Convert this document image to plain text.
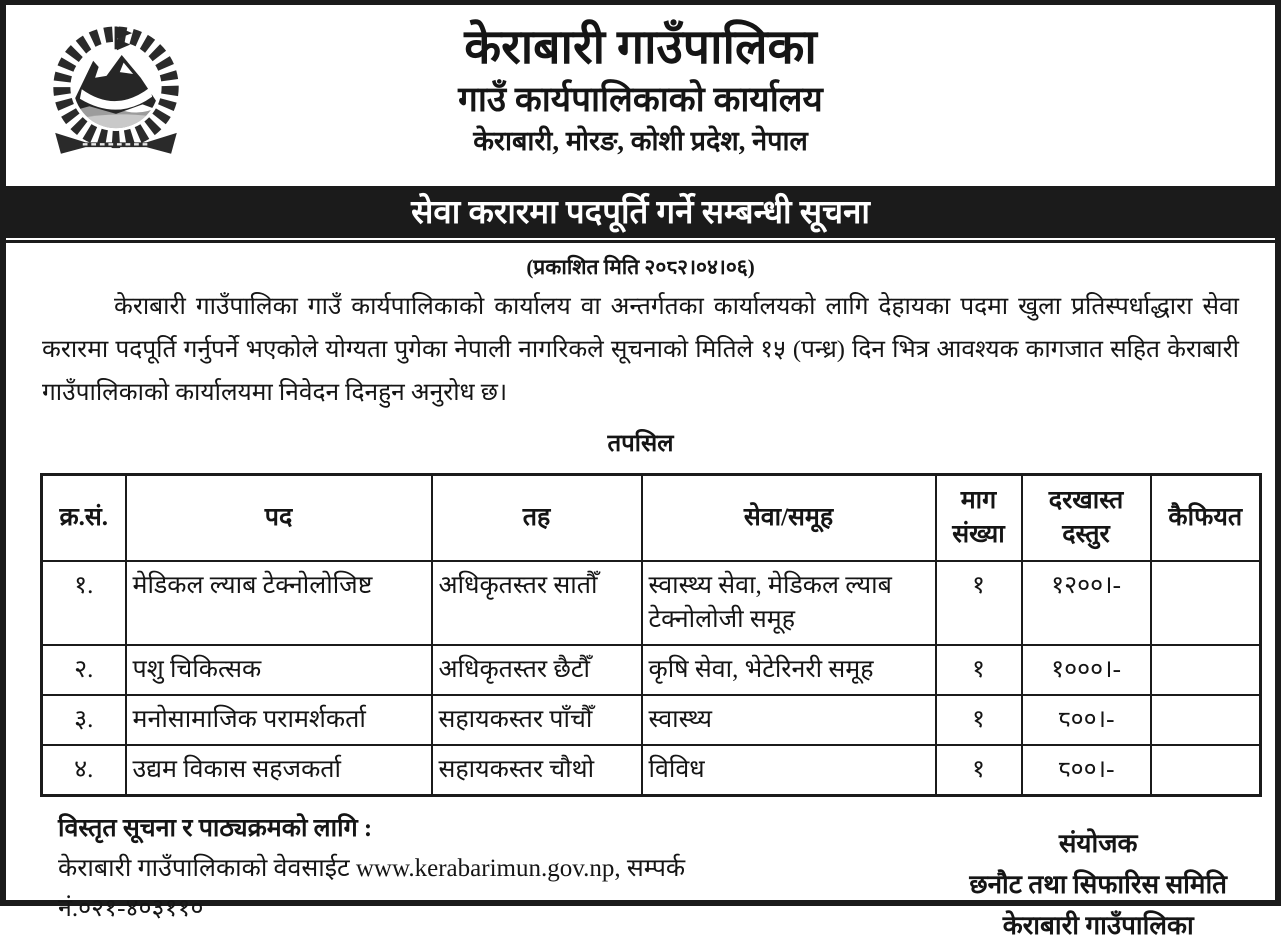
केराबारी गाउँपालिका
गाउँ कार्यपालिकाको कार्यालय
केराबारी, मोरङ, कोशी प्रदेश, नेपाल
सेवा करारमा पदपूर्ति गर्ने सम्बन्धी सूचना
(प्रकाशित मिति २०८२।०४।०६)

केराबारी गाउँपालिका गाउँ कार्यपालिकाको कार्यालय वा अन्तर्गतका कार्यालयको लागि देहायका पदमा खुला प्रतिस्पर्धाद्धारा सेवा करारमा पदपूर्ति गर्नुपर्ने भएकोले योग्यता पुगेका नेपाली नागरिकले सूचनाको मितिले १५ (पन्ध्र) दिन भित्र आवश्यक कागजात सहित केराबारी गाउँपालिकाको कार्यालयमा निवेदन दिनहुन अनुरोध छ।

तपसिल
क्र.सं.	पद	तह	सेवा/समूह	माग संख्या	दरखास्त दस्तुर	कैफियत
१.	मेडिकल ल्याब टेक्नोलोजिष्ट	अधिकृतस्तर सातौँ	स्वास्थ्य सेवा, मेडिकल ल्याब टेक्नोलोजी समूह	१	१२००।-	
२.	पशु चिकित्सक	अधिकृतस्तर छैटौँ	कृषि सेवा, भेटेरिनरी समूह	१	१०००।-	
३.	मनोसामाजिक परामर्शकर्ता	सहायकस्तर पाँचौँ	स्वास्थ्य	१	८००।-	
४.	उद्यम विकास सहजकर्ता	सहायकस्तर चौथो	विविध	१	८००।-	
विस्तृत सूचना र पाठ्यक्रमको लागि :
केराबारी गाउँपालिकाको वेवसाईट www.kerabarimun.gov.np, सम्पर्क नं.०२१-४०३११०
संयोजक
छनौट तथा सिफारिस समिति
केराबारी गाउँपालिका
